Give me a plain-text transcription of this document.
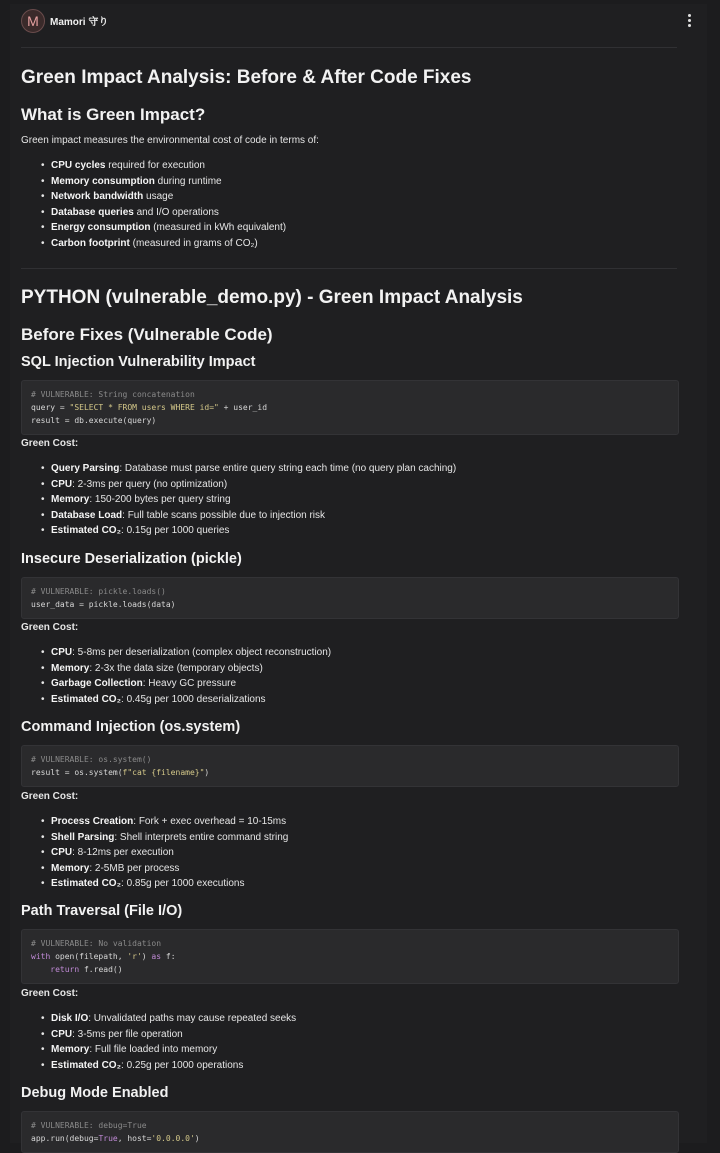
M	Mamori 守り
Green Impact Analysis: Before & After Code Fixes
What is Green Impact?

Green impact measures the environmental cost of code in terms of:

• CPU cycles required for execution
• Memory consumption during runtime
• Network bandwidth usage
• Database queries and I/O operations
• Energy consumption (measured in kWh equivalent)
• Carbon footprint (measured in grams of CO₂)
PYTHON (vulnerable_demo.py) - Green Impact Analysis
Before Fixes (Vulnerable Code)
SQL Injection Vulnerability Impact
# VULNERABLE: String concatenation
query = "SELECT * FROM users WHERE id=" + user_id
result = db.execute(query)

Green Cost:

• Query Parsing: Database must parse entire query string each time (no query plan caching)
• CPU: 2-3ms per query (no optimization)
• Memory: 150-200 bytes per query string
• Database Load: Full table scans possible due to injection risk
• Estimated CO₂: 0.15g per 1000 queries
Insecure Deserialization (pickle)
# VULNERABLE: pickle.loads()
user_data = pickle.loads(data)

Green Cost:

• CPU: 5-8ms per deserialization (complex object reconstruction)
• Memory: 2-3x the data size (temporary objects)
• Garbage Collection: Heavy GC pressure
• Estimated CO₂: 0.45g per 1000 deserializations
Command Injection (os.system)
# VULNERABLE: os.system()
result = os.system(f"cat {filename}")

Green Cost:

• Process Creation: Fork + exec overhead = 10-15ms
• Shell Parsing: Shell interprets entire command string
• CPU: 8-12ms per execution
• Memory: 2-5MB per process
• Estimated CO₂: 0.85g per 1000 executions
Path Traversal (File I/O)
# VULNERABLE: No validation
with open(filepath, 'r') as f:
return f.read()

Green Cost:

• Disk I/O: Unvalidated paths may cause repeated seeks
• CPU: 3-5ms per file operation
• Memory: Full file loaded into memory
• Estimated CO₂: 0.25g per 1000 operations
Debug Mode Enabled
# VULNERABLE: debug=True
app.run(debug=True, host='0.0.0.0')
